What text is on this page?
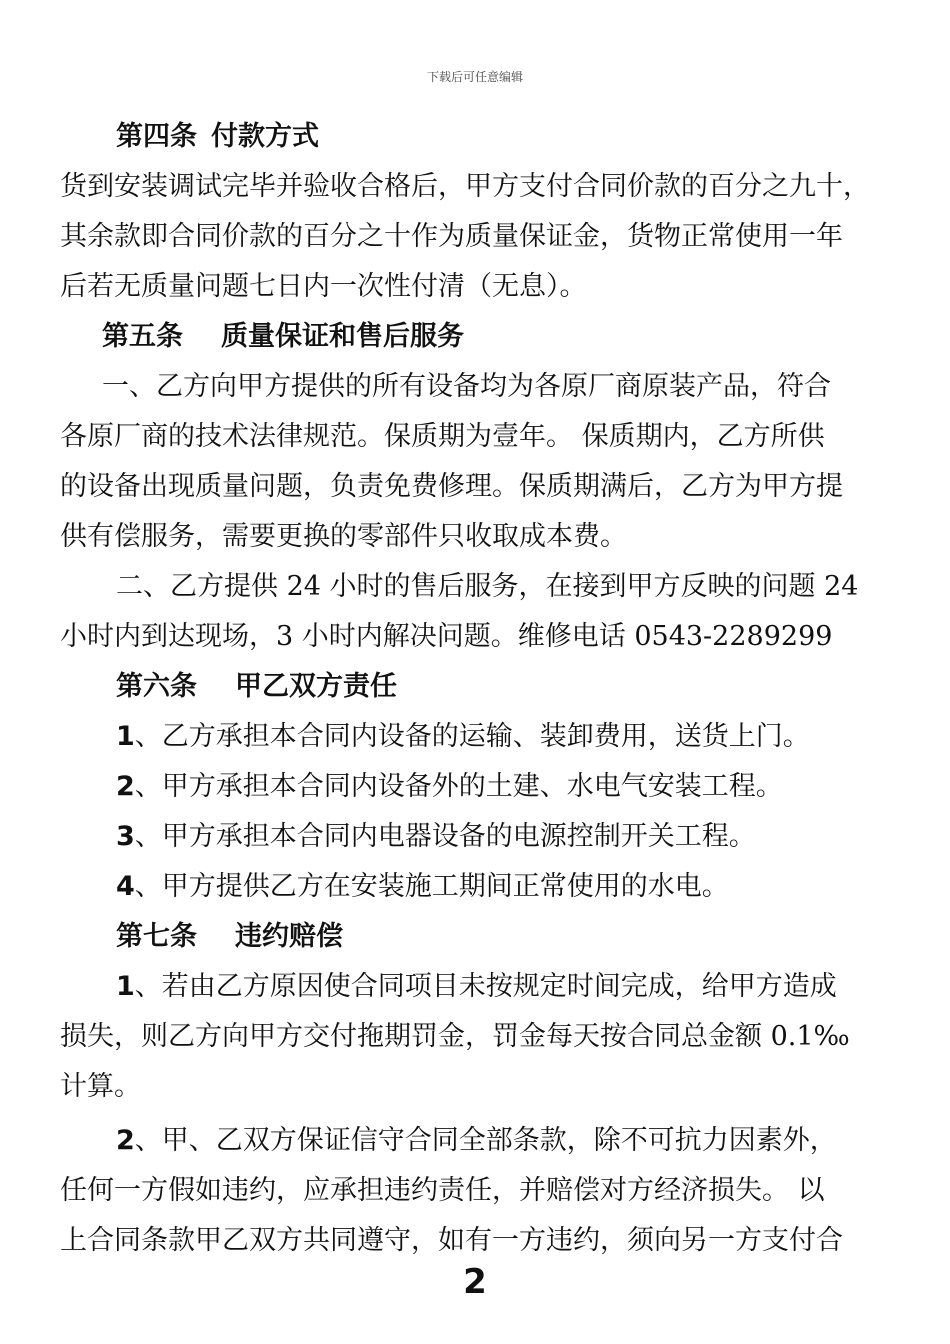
下载后可任意编辑

第四条 付款方式

货到安装调试完毕并验收合格后，甲方支付合同价款的百分之九十，

其余款即合同价款的百分之十作为质量保证金，货物正常使用一年

后若无质量问题七日内一次性付清（无息）。

第五条 质量保证和售后服务

一、乙方向甲方提供的所有设备均为各原厂商原装产品，符合

各原厂商的技术法律规范。保质期为壹年。 保质期内，乙方所供

的设备出现质量问题，负责免费修理。保质期满后，乙方为甲方提

供有偿服务，需要更换的零部件只收取成本费。

二、乙方提供 24 小时的售后服务，在接到甲方反映的问题 24

小时内到达现场，3 小时内解决问题。维修电话 0543-2289299

第六条 甲乙双方责任

1、乙方承担本合同内设备的运输、装卸费用，送货上门。

2、甲方承担本合同内设备外的土建、水电气安装工程。

3、甲方承担本合同内电器设备的电源控制开关工程。

4、甲方提供乙方在安装施工期间正常使用的水电。

第七条 违约赔偿

1、若由乙方原因使合同项目未按规定时间完成，给甲方造成

损失，则乙方向甲方交付拖期罚金，罚金每天按合同总金额 0.1‰

计算。

2、甲、乙双方保证信守合同全部条款，除不可抗力因素外，

任何一方假如违约，应承担违约责任，并赔偿对方经济损失。 以

上合同条款甲乙双方共同遵守，如有一方违约，须向另一方支付合

2
